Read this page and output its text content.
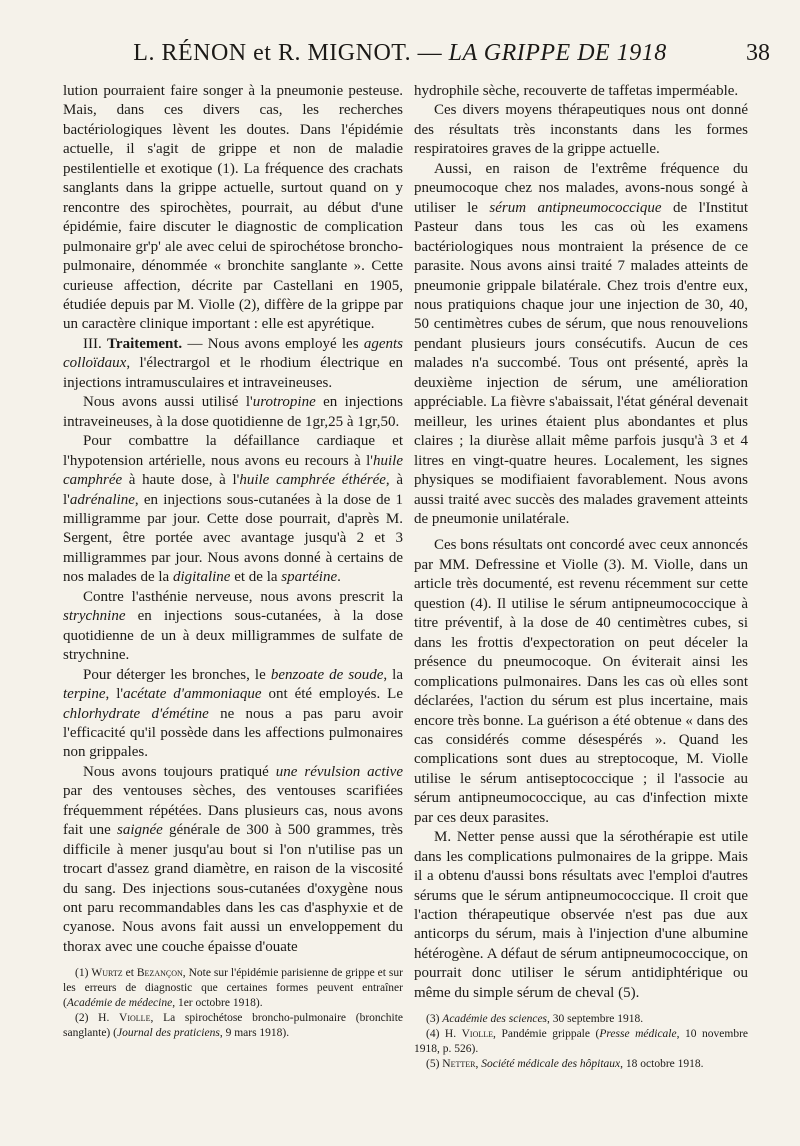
L. RÉNON et R. MIGNOT. — LA GRIPPE DE 1918	38 

lution pourraient faire songer à la pneumonie pesteuse. Mais, dans ces divers cas, les recherches bactériologiques lèvent les doutes. Dans l'épidémie actuelle, il s'agit de grippe et non de maladie pestilentielle et exotique (1). La fréquence des crachats sanglants dans la grippe actuelle, surtout quand on y rencontre des spirochètes, pourrait, au début d'une épidémie, faire discuter le diagnostic de complication pulmonaire gr'p' ale avec celui de spirochétose broncho-pulmonaire, dénommée « bronchite sanglante ». Cette curieuse affection, décrite par Castellani en 1905, étudiée depuis par M. Violle (2), diffère de la grippe par un caractère clinique important : elle est apyrétique.

III. Traitement. — Nous avons employé les agents colloïdaux, l'électrargol et le rhodium électrique en injections intramusculaires et intraveineuses.

Nous avons aussi utilisé l'urotropine en injections intraveineuses, à la dose quotidienne de 1gr,25 à 1gr,50.

Pour combattre la défaillance cardiaque et l'hypotension artérielle, nous avons eu recours à l'huile camphrée à haute dose, à l'huile camphrée éthérée, à l'adrénaline, en injections sous-cutanées à la dose de 1 milligramme par jour. Cette dose pourrait, d'après M. Sergent, être portée avec avantage jusqu'à 2 et 3 milligrammes par jour. Nous avons donné à certains de nos malades de la digitaline et de la spartéine.

Contre l'asthénie nerveuse, nous avons prescrit la strychnine en injections sous-cutanées, à la dose quotidienne de un à deux milligrammes de sulfate de strychnine.

Pour déterger les bronches, le benzoate de soude, la terpine, l'acétate d'ammoniaque ont été employés. Le chlorhydrate d'émétine ne nous a pas paru avoir l'efficacité qu'il possède dans les affections pulmonaires non grippales.

Nous avons toujours pratiqué une révulsion active par des ventouses sèches, des ventouses scarifiées fréquemment répétées. Dans plusieurs cas, nous avons fait une saignée générale de 300 à 500 grammes, très difficile à mener jusqu'au bout si l'on n'utilise pas un trocart d'assez grand diamètre, en raison de la viscosité du sang. Des injections sous-cutanées d'oxygène nous ont paru recommandables dans les cas d'asphyxie et de cyanose. Nous avons fait aussi un enveloppement du thorax avec une couche épaisse d'ouate

(1) Wurtz et Bezançon, Note sur l'épidémie parisienne de grippe et sur les erreurs de diagnostic que certaines formes peuvent entraîner (Académie de médecine, 1er octobre 1918).

(2) H. Violle, La spirochétose broncho-pulmonaire (bronchite sanglante) (Journal des praticiens, 9 mars 1918).

hydrophile sèche, recouverte de taffetas imperméable.

Ces divers moyens thérapeutiques nous ont donné des résultats très inconstants dans les formes respiratoires graves de la grippe actuelle.

Aussi, en raison de l'extrême fréquence du pneumocoque chez nos malades, avons-nous songé à utiliser le sérum antipneumococcique de l'Institut Pasteur dans tous les cas où les examens bactériologiques nous montraient la présence de ce parasite. Nous avons ainsi traité 7 malades atteints de pneumonie grippale bilatérale. Chez trois d'entre eux, nous pratiquions chaque jour une injection de 30, 40, 50 centimètres cubes de sérum, que nous renouvelions pendant plusieurs jours consécutifs. Aucun de ces malades n'a succombé. Tous ont présenté, après la deuxième injection de sérum, une amélioration appréciable. La fièvre s'abaissait, l'état général devenait meilleur, les urines étaient plus abondantes et plus claires ; la diurèse allait même parfois jusqu'à 3 et 4 litres en vingt-quatre heures. Localement, les signes physiques se modifiaient favorablement. Nous avons aussi traité avec succès des malades gravement atteints de pneumonie unilatérale.

Ces bons résultats ont concordé avec ceux annoncés par MM. Defressine et Violle (3). M. Violle, dans un article très documenté, est revenu récemment sur cette question (4). Il utilise le sérum antipneumococcique à titre préventif, à la dose de 40 centimètres cubes, si dans les frottis d'expectoration on peut déceler la présence du pneumocoque. On éviterait ainsi les complications pulmonaires. Dans les cas où elles sont déclarées, l'action du sérum est plus incertaine, mais encore très bonne. La guérison a été obtenue « dans des cas considérés comme désespérés ». Quand les complications sont dues au streptocoque, M. Violle utilise le sérum antiseptococcique ; il l'associe au sérum antipneumococcique, au cas d'infection mixte par ces deux parasites.

M. Netter pense aussi que la sérothérapie est utile dans les complications pulmonaires de la grippe. Mais il a obtenu d'aussi bons résultats avec l'emploi d'autres sérums que le sérum antipneumococcique. Il croit que l'action thérapeutique observée n'est pas due aux anticorps du sérum, mais à l'injection d'une albumine hétérogène. A défaut de sérum antipneumococcique, on pourrait donc utiliser le sérum antidiphtérique ou même du simple sérum de cheval (5).

(3) Académie des sciences, 30 septembre 1918.

(4) H. Violle, Pandémie grippale (Presse médicale, 10 novembre 1918, p. 526).

(5) Netter, Société médicale des hôpitaux, 18 octobre 1918.
